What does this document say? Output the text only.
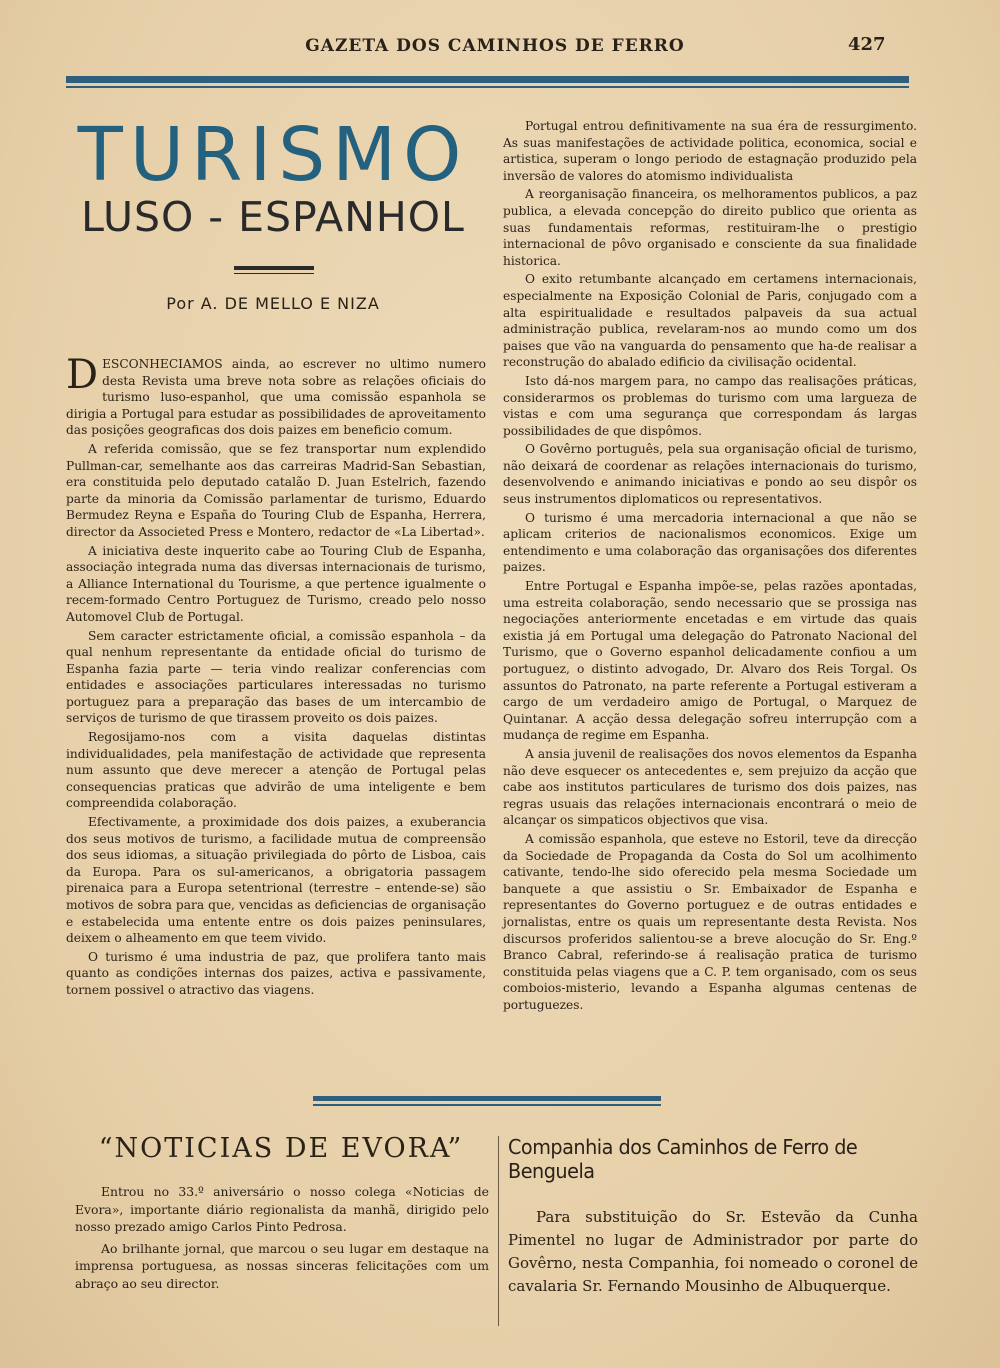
GAZETA DOS CAMINHOS DE FERRO	427
TURISMO
LUSO - ESPANHOL
Por A. DE MELLO E NIZA

DESCONHECIAMOS ainda, ao escrever no ultimo numero desta Revista uma breve nota sobre as relações oficiais do turismo luso-espanhol, que uma comissão espanhola se dirigia a Portugal para estudar as possibilidades de aproveitamento das posições geograficas dos dois paizes em beneficio comum.

A referida comissão, que se fez transportar num explendido Pullman-car, semelhante aos das carreiras Madrid-San Sebastian, era constituida pelo deputado catalão D. Juan Estelrich, fazendo parte da minoria da Comissão parlamentar de turismo, Eduardo Bermudez Reyna e España do Touring Club de Espanha, Herrera, director da Associeted Press e Montero, redactor de «La Libertad».

A iniciativa deste inquerito cabe ao Touring Club de Espanha, associação integrada numa das diversas internacionais de turismo, a Alliance International du Tourisme, a que pertence igualmente o recem-formado Centro Portuguez de Turismo, creado pelo nosso Automovel Club de Portugal.

Sem caracter estrictamente oficial, a comissão espanhola – da qual nenhum representante da entidade oficial do turismo de Espanha fazia parte — teria vindo realizar conferencias com entidades e associações particulares interessadas no turismo portuguez para a preparação das bases de um intercambio de serviços de turismo de que tirassem proveito os dois paizes.

Regosijamo-nos com a visita daquelas distintas individualidades, pela manifestação de actividade que representa num assunto que deve merecer a atenção de Portugal pelas consequencias praticas que advirão de uma inteligente e bem compreendida colaboração.

Efectivamente, a proximidade dos dois paizes, a exuberancia dos seus motivos de turismo, a facilidade mutua de compreensão dos seus idiomas, a situação privilegiada do pôrto de Lisboa, cais da Europa. Para os sul-americanos, a obrigatoria passagem pirenaica para a Europa setentrional (terrestre – entende-se) são motivos de sobra para que, vencidas as deficiencias de organisação e estabelecida uma entente entre os dois paizes peninsulares, deixem o alheamento em que teem vivido.

O turismo é uma industria de paz, que prolifera tanto mais quanto as condições internas dos paizes, activa e passivamente, tornem possivel o atractivo das viagens.

Portugal entrou definitivamente na sua éra de ressurgimento. As suas manifestações de actividade politica, economica, social e artistica, superam o longo periodo de estagnação produzido pela inversão de valores do atomismo individualista

A reorganisação financeira, os melhoramentos publicos, a paz publica, a elevada concepção do direito publico que orienta as suas fundamentais reformas, restituiram-lhe o prestigio internacional de pôvo organisado e consciente da sua finalidade historica.

O exito retumbante alcançado em certamens internacionais, especialmente na Exposição Colonial de Paris, conjugado com a alta espiritualidade e resultados palpaveis da sua actual administração publica, revelaram-nos ao mundo como um dos paises que vão na vanguarda do pensamento que ha-de realisar a reconstrução do abalado edificio da civilisação ocidental.

Isto dá-nos margem para, no campo das realisações práticas, considerarmos os problemas do turismo com uma largueza de vistas e com uma segurança que correspondam ás largas possibilidades de que dispômos.

O Govêrno português, pela sua organisação oficial de turismo, não deixará de coordenar as relações internacionais do turismo, desenvolvendo e animando iniciativas e pondo ao seu dispôr os seus instrumentos diplomaticos ou representativos.

O turismo é uma mercadoria internacional a que não se aplicam criterios de nacionalismos economicos. Exige um entendimento e uma colaboração das organisações dos diferentes paizes.

Entre Portugal e Espanha impõe-se, pelas razões apontadas, uma estreita colaboração, sendo necessario que se prossiga nas negociações anteriormente encetadas e em virtude das quais existia já em Portugal uma delegação do Patronato Nacional del Turismo, que o Governo espanhol delicadamente confiou a um portuguez, o distinto advogado, Dr. Alvaro dos Reis Torgal. Os assuntos do Patronato, na parte referente a Portugal estiveram a cargo de um verdadeiro amigo de Portugal, o Marquez de Quintanar. A acção dessa delegação sofreu interrupção com a mudança de regime em Espanha.

A ansia juvenil de realisações dos novos elementos da Espanha não deve esquecer os antecedentes e, sem prejuizo da acção que cabe aos institutos particulares de turismo dos dois paizes, nas regras usuais das relações internacionais encontrará o meio de alcançar os simpaticos objectivos que visa.

A comissão espanhola, que esteve no Estoril, teve da direcção da Sociedade de Propaganda da Costa do Sol um acolhimento cativante, tendo-lhe sido oferecido pela mesma Sociedade um banquete a que assistiu o Sr. Embaixador de Espanha e representantes do Governo portuguez e de outras entidades e jornalistas, entre os quais um representante desta Revista. Nos discursos proferidos salientou-se a breve alocução do Sr. Eng.º Branco Cabral, referindo-se á realisação pratica de turismo constituida pelas viagens que a C. P. tem organisado, com os seus comboios-misterio, levando a Espanha algumas centenas de portuguezes.

“NOTICIAS DE EVORA”

Entrou no 33.º aniversário o nosso colega «Noticias de Evora», importante diário regionalista da manhã, dirigido pelo nosso prezado amigo Carlos Pinto Pedrosa.

Ao brilhante jornal, que marcou o seu lugar em destaque na imprensa portuguesa, as nossas sinceras felicitações com um abraço ao seu director.

Companhia dos Caminhos de Ferro de Benguela

Para substituição do Sr. Estevão da Cunha Pimentel no lugar de Administrador por parte do Govêrno, nesta Companhia, foi nomeado o coronel de cavalaria Sr. Fernando Mousinho de Albuquerque.
